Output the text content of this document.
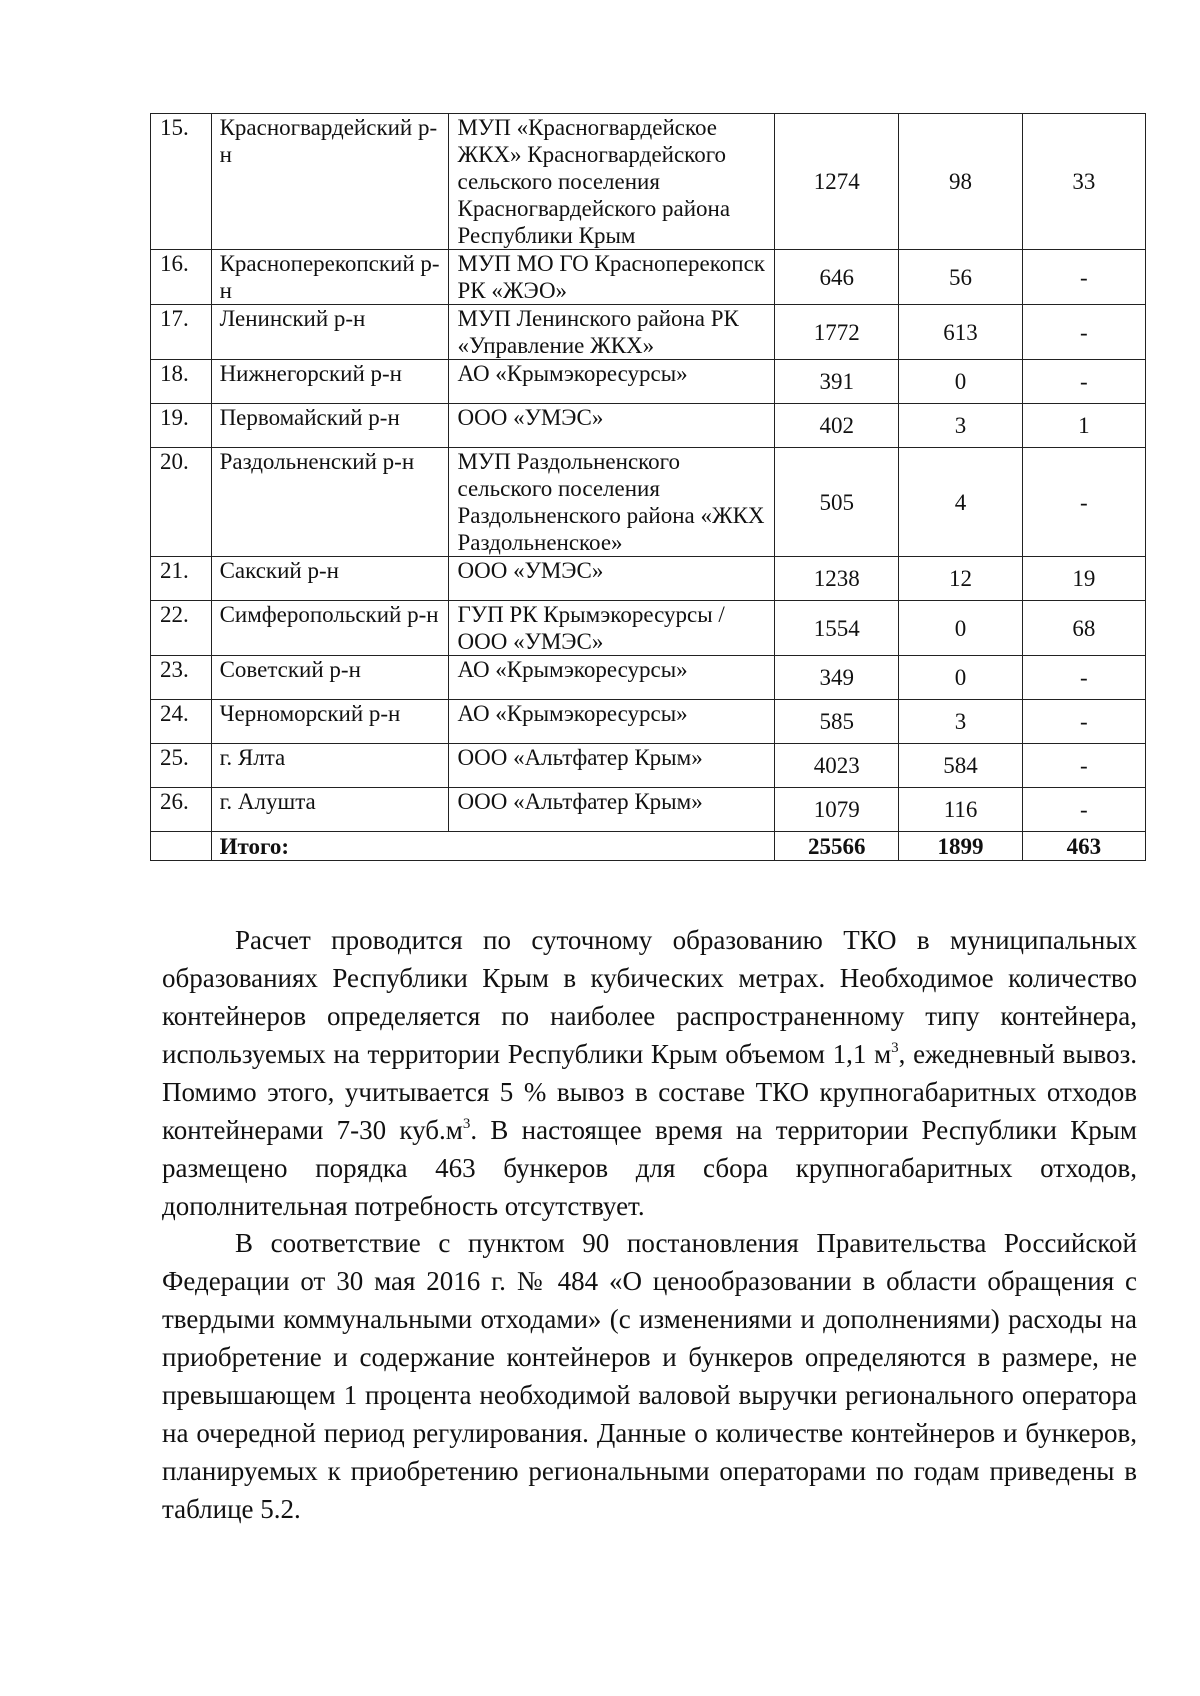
15.	Красногвардейский р-н	МУП «Красногвардейское ЖКХ» Красногвардейского сельского поселения Красногвардейского района Республики Крым	1274	98	33
16.	Красноперекопский р-н	МУП МО ГО Красноперекопск РК «ЖЭО»	646	56	-
17.	Ленинский р-н	МУП Ленинского района РК «Управление ЖКХ»	1772	613	-
18.	Нижнегорский р-н	АО «Крымэкоресурсы»	391	0	-
19.	Первомайский р-н	ООО «УМЭС»	402	3	1
20.	Раздольненский р-н	МУП Раздольненского сельского поселения Раздольненского района «ЖКХ Раздольненское»	505	4	-
21.	Сакский р-н	ООО «УМЭС»	1238	12	19
22.	Симферопольский р-н	ГУП РК Крымэкоресурсы / ООО «УМЭС»	1554	0	68
23.	Советский р-н	АО «Крымэкоресурсы»	349	0	-
24.	Черноморский р-н	АО «Крымэкоресурсы»	585	3	-
25.	г. Ялта	ООО «Альтфатер Крым»	4023	584	-
26.	г. Алушта	ООО «Альтфатер Крым»	1079	116	-
	Итого:		25566	1899	463

Расчет проводится по суточному образованию ТКО в муниципальных образованиях Республики Крым в кубических метрах. Необходимое количество контейнеров определяется по наиболее распространенному типу контейнера, используемых на территории Республики Крым объемом 1,1 $м^3$, ежедневный вывоз. Помимо этого, учитывается 5 % вывоз в составе ТКО крупногабаритных отходов контейнерами 7-30 $куб.м^3$. В настоящее время на территории Республики Крым размещено порядка 463 бункеров для сбора крупногабаритных отходов, дополнительная потребность отсутствует.

В соответствие с пунктом 90 постановления Правительства Российской Федерации от 30 мая 2016 г. № 484 «О ценообразовании в области обращения с твердыми коммунальными отходами» (с изменениями и дополнениями) расходы на приобретение и содержание контейнеров и бункеров определяются в размере, не превышающем 1 процента необходимой валовой выручки регионального оператора на очередной период регулирования. Данные о количестве контейнеров и бункеров, планируемых к приобретению региональными операторами по годам приведены в таблице 5.2.
